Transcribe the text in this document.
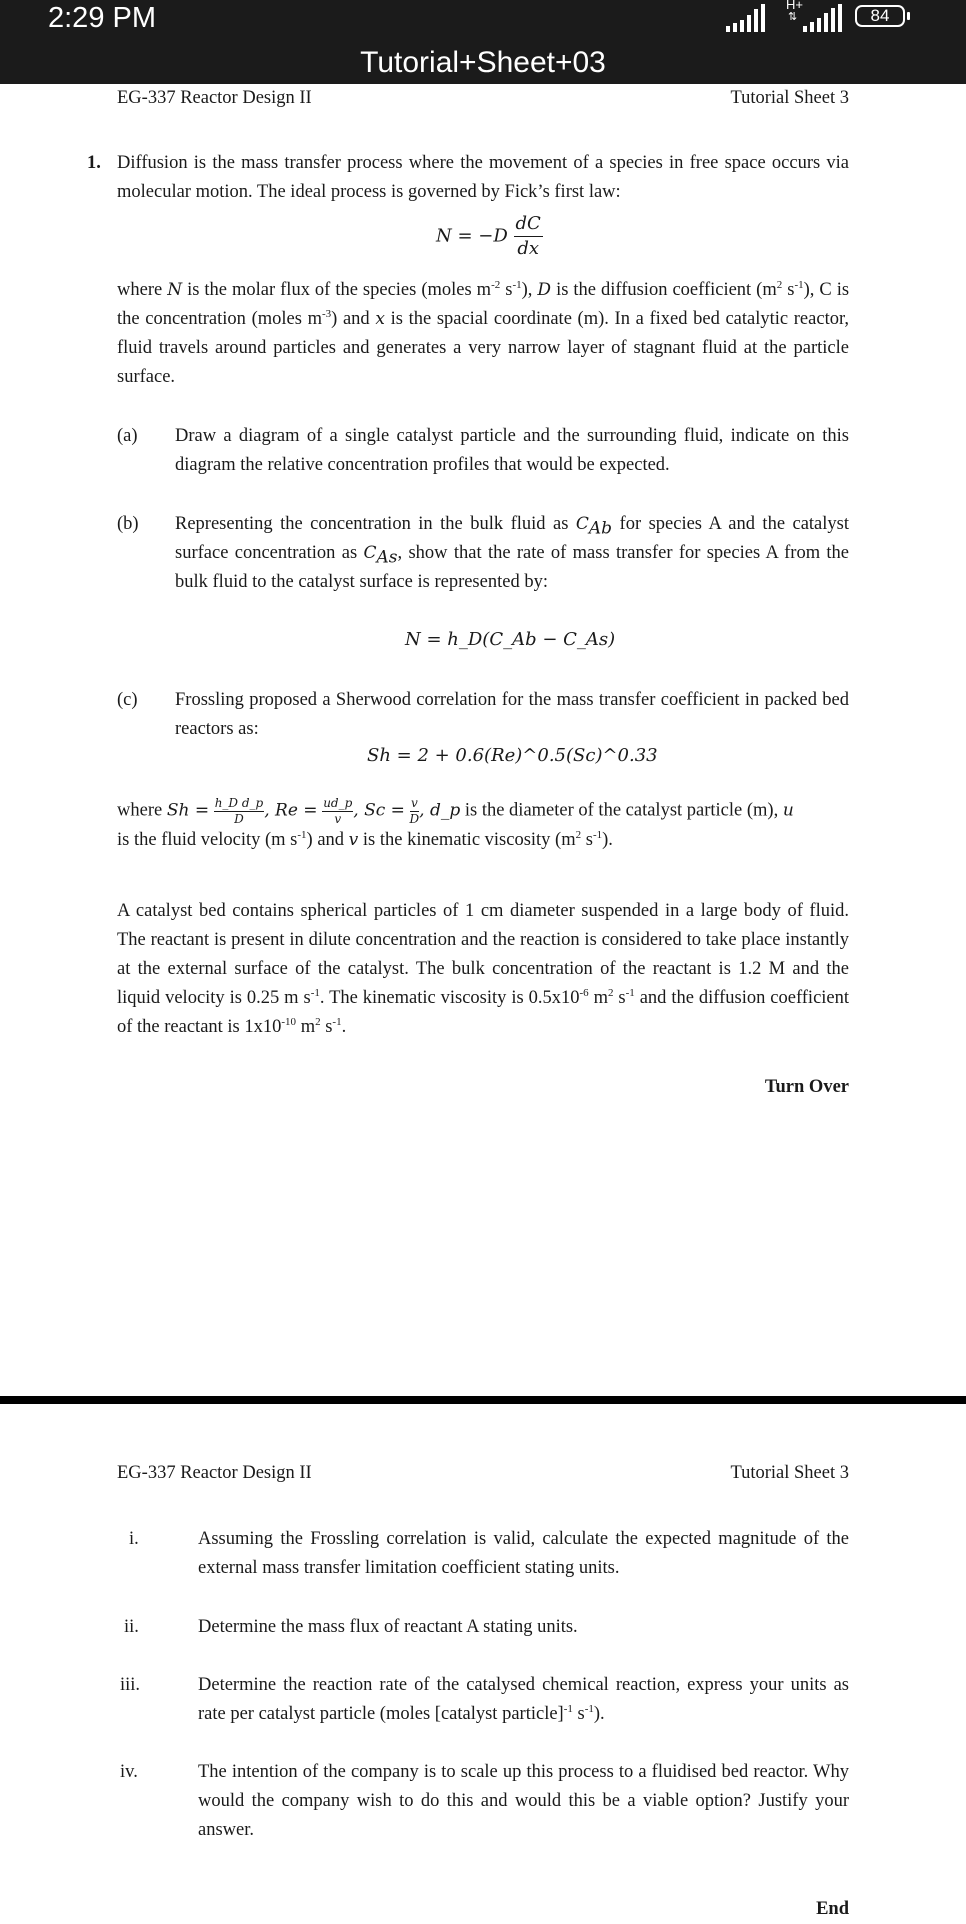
2:29 PM	H+
⇅	84
Tutorial+Sheet+03
EG-337 Reactor Design II	Tutorial Sheet 3
1. Diffusion is the mass transfer process where the movement of a species in free space occurs via molecular motion. The ideal process is governed by Fick’s first law:
$N = -D \frac{dC}{dx}$
where N is the molar flux of the species (moles $m^{-2}$ $s^{-1}$), D is the diffusion coefficient ($m^2$ $s^{-1}$), C is the concentration (moles $m^{-3}$) and x is the spacial coordinate (m). In a fixed bed catalytic reactor, fluid travels around particles and generates a very narrow layer of stagnant fluid at the particle surface.
(a) Draw a diagram of a single catalyst particle and the surrounding fluid, indicate on this diagram the relative concentration profiles that would be expected.
(b) Representing the concentration in the bulk fluid as $C_{Ab}$ for species A and the catalyst surface concentration as $C_{As}$, show that the rate of mass transfer for species A from the bulk fluid to the catalyst surface is represented by:
N = h_D(C_Ab − C_As)
(c) Frossling proposed a Sherwood correlation for the mass transfer coefficient in packed bed reactors as:
Sh = 2 + 0.6(Re)^0.5(Sc)^0.33
where $Sh = \frac{\text{h\_D d\_p}}{D}$ , $Re = \frac{ud\_p}{v}$ , $Sc = \frac{v}{D}$ , d_p is the diameter of the catalyst particle (m), u
is the fluid velocity (m $s^{-1}$) and v is the kinematic viscosity ($m^2$ $s^{-1}$).
A catalyst bed contains spherical particles of 1 cm diameter suspended in a large body of fluid. The reactant is present in dilute concentration and the reaction is considered to take place instantly at the external surface of the catalyst. The bulk concentration of the reactant is 1.2 M and the liquid velocity is 0.25 m $s^{-1}$. The kinematic viscosity is $0.5x10^{-6}$ $m^2$ $s^{-1}$ and the diffusion coefficient of the reactant is $1x10^{-10}$ $m^2$ $s^{-1}$.
Turn Over
EG-337 Reactor Design II	Tutorial Sheet 3
i.	Assuming the Frossling correlation is valid, calculate the expected magnitude of the external mass transfer limitation coefficient stating units.
ii.	Determine the mass flux of reactant A stating units.
iii.	Determine the reaction rate of the catalysed chemical reaction, express your units as rate per catalyst particle (moles [catalyst particle]$^{-1}$ $s^{-1}$).
iv.	The intention of the company is to scale up this process to a fluidised bed reactor. Why would the company wish to do this and would this be a viable option? Justify your answer.
End
